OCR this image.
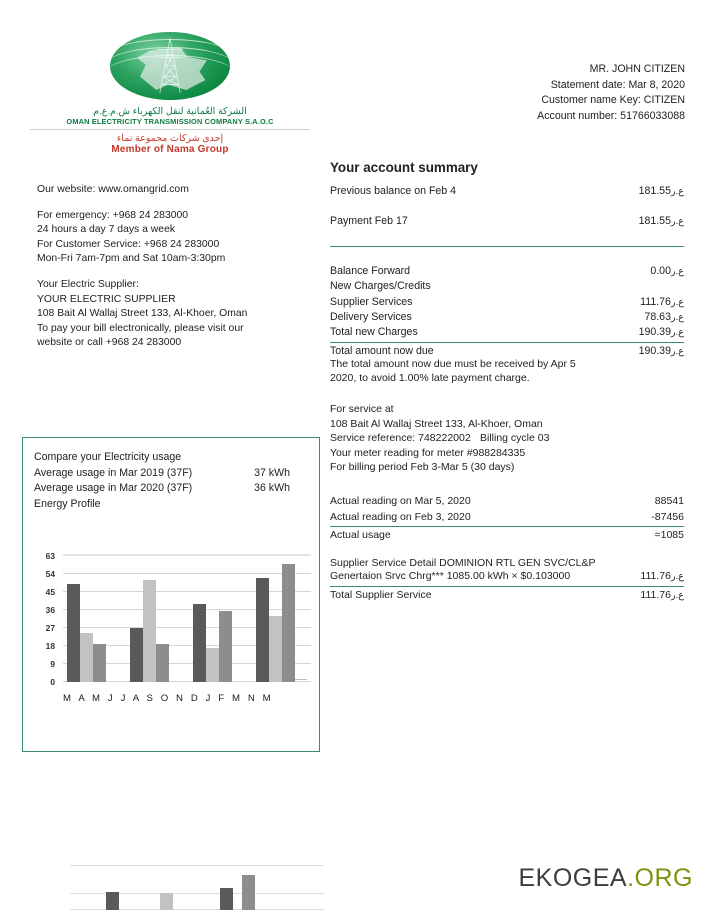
الشركة العُمانية لنقل الكهرباء ش.م.ع.م
OMAN ELECTRICITY TRANSMISSION COMPANY S.A.O.C
إحدى شركات مجموعة نماء
Member of Nama Group
Our website: www.omangrid.com
For emergency: +968 24 283000
24 hours a day 7 days a week
For Customer Service: +968 24 283000
Mon-Fri 7am-7pm and Sat 10am-3:30pm
Your Electric Supplier:
YOUR ELECTRIC SUPPLIER
108 Bait Al Wallaj Street 133, Al-Khoer, Oman
To pay your bill electronically, please visit our
website or call +968 24 283000
MR. JOHN CITIZEN
Statement date: Mar 8, 2020
Customer name Key: CITIZEN
Account number: 51766033088
Your account summary
Previous balance on Feb 4	ع.ر181.55
Payment Feb 17	ع.ر181.55
Balance Forward	ع.ر0.00
New Charges/Credits
Supplier Services	ع.ر111.76
Delivery Services	ع.ر78.63
Total new Charges	ع.ر190.39
Total amount now due	ع.ر190.39
The total amount now due must be received by Apr 5
2020, to avoid 1.00% late payment charge.
For service at
108 Bait Al Wallaj Street 133, Al-Khoer, Oman
Service reference: 748222002 Billing cycle 03
Your meter reading for meter #988284335
For billing period Feb 3-Mar 5 (30 days)
Actual reading on Mar 5, 2020	88541
Actual reading on Feb 3, 2020	-87456
Actual usage	=1085
Supplier Service Detail DOMINION RTL GEN SVC/CL&P
Genertaion Srvc Chrg*** 1085.00 kWh × $0.103000	ع.ر111.76
Total Supplier Service	ع.ر111.76
Compare your Electricity usage
Average usage in Mar 2019 (37F)	37 kWh
Average usage in Mar 2020 (37F)	36 kWh
Energy Profile
0
9
18
27
36
45
54
63
M A M J J A S O N D J F M N M
EKOGEA.ORG
